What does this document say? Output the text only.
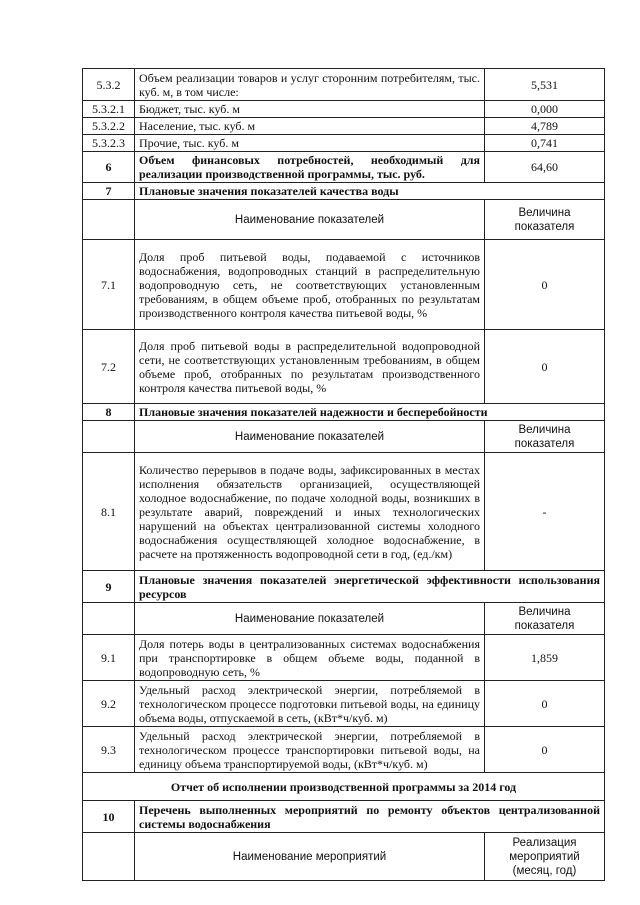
5.3.2	Объем реализации товаров и услуг сторонним потребителям, тыс. куб. м, в том числе:	5,531
5.3.2.1	Бюджет, тыс. куб. м	0,000
5.3.2.2	Население, тыс. куб. м	4,789
5.3.2.3	Прочие, тыс. куб. м	0,741
6	Объем финансовых потребностей, необходимый для реализации производственной программы, тыс. руб.	64,60
7	Плановые значения показателей качества воды	
	Наименование показателей	Величина показателя
7.1	Доля проб питьевой воды, подаваемой с источников водоснабжения, водопроводных станций в распределительную водопроводную сеть, не соответствующих установленным требованиям, в общем объеме проб, отобранных по результатам производственного контроля качества питьевой воды, %	0
7.2	Доля проб питьевой воды в распределительной водопроводной сети, не соответствующих установленным требованиям, в общем объеме проб, отобранных по результатам производственного контроля качества питьевой воды, %	0
8	Плановые значения показателей надежности и бесперебойности	
	Наименование показателей	Величина показателя
8.1	Количество перерывов в подаче воды, зафиксированных в местах исполнения обязательств организацией, осуществляющей холодное водоснабжение, по подаче холодной воды, возникших в результате аварий, повреждений и иных технологических нарушений на объектах централизованной системы холодного водоснабжения осуществляющей холодное водоснабжение, в расчете на протяженность водопроводной сети в год, (ед./км)	-
9	Плановые значения показателей энергетической эффективности использования ресурсов	
	Наименование показателей	Величина показателя
9.1	Доля потерь воды в централизованных системах водоснабжения при транспортировке в общем объеме воды, поданной в водопроводную сеть, %	1,859
9.2	Удельный расход электрической энергии, потребляемой в технологическом процессе подготовки питьевой воды, на единицу объема воды, отпускаемой в сеть, (кВт*ч/куб. м)	0
9.3	Удельный расход электрической энергии, потребляемой в технологическом процессе транспортировки питьевой воды, на единицу объема транспортируемой воды, (кВт*ч/куб. м)	0
Отчет об исполнении производственной программы за 2014 год		
10	Перечень выполненных мероприятий по ремонту объектов централизованной системы водоснабжения	
	Наименование мероприятий	Реализация мероприятий (месяц, год)
